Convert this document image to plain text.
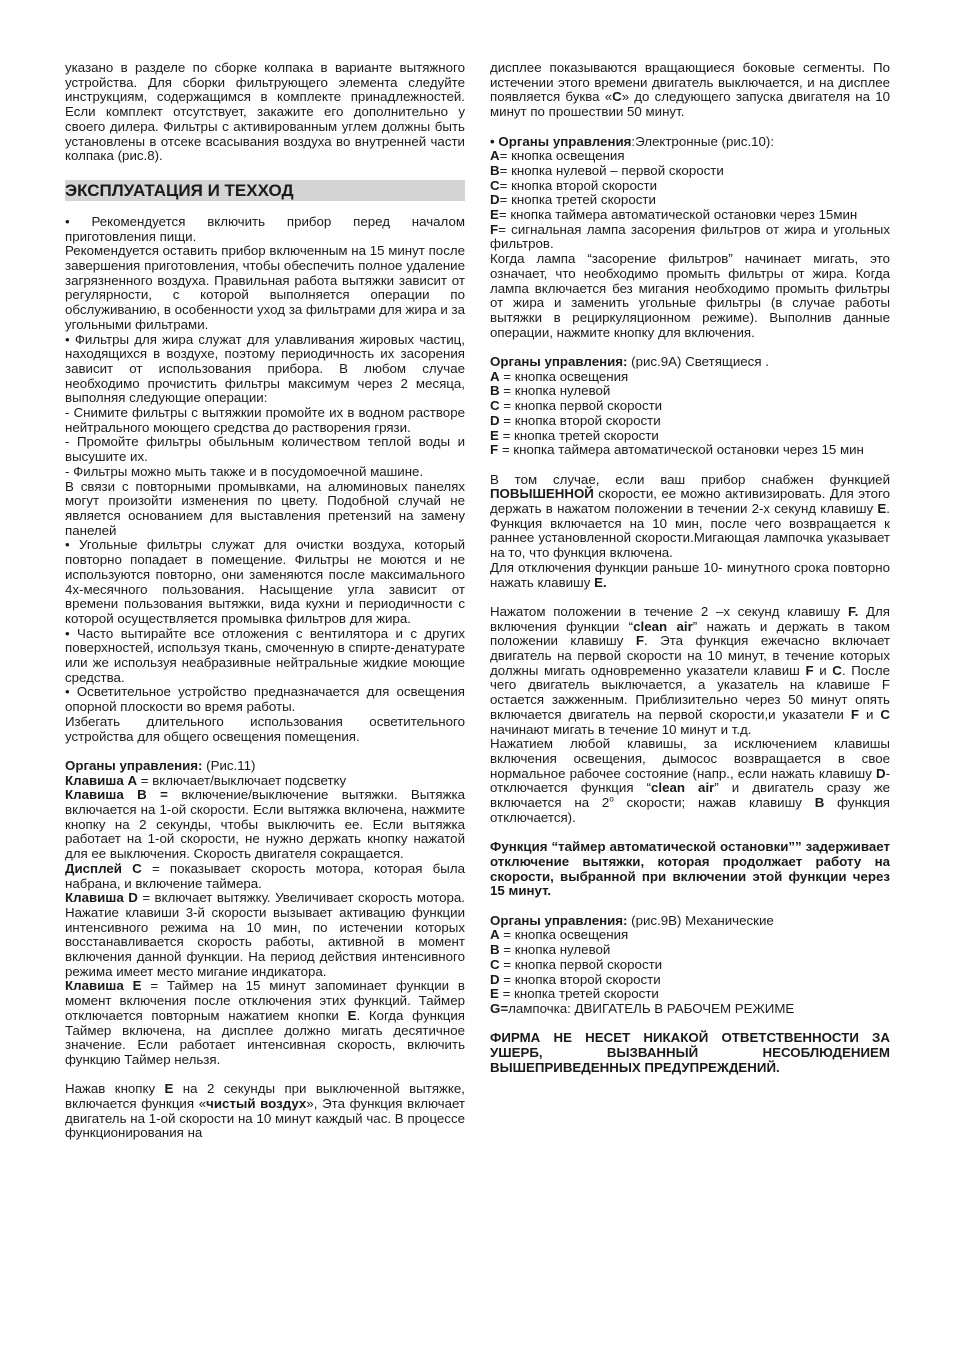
указано в разделе по сборке колпака в варианте вытяжного устройства. Для сборки фильтрующего элемента следуйте инструкциям, содержащимся в комплекте принадлежностей. Если комплект отсутствует, закажите его дополнительно у своего дилера. Фильтры с активированным углем должны быть установлены в отсеке всасывания воздуха во внутренней части колпака (рис.8).

ЭКСПЛУАТАЦИЯ И ТЕХХОД

• Рекомендуется включить прибор перед началом приготовления пищи.

Рекомендуется оставить прибор включенным на 15 минут после завершения приготовления, чтобы обеспечить полное удаление загрязненного воздуха. Правильная работа вытяжки зависит от регулярности, с которой выполняется операции по обслуживанию, в особенности уход за фильтрами для жира и за угольными фильтрами.

• Фильтры для жира служат для улавливания жировых частиц, находящихся в воздухе, поэтому периодичность их засорения зависит от использования прибора. В любом случае необходимо прочистить фильтры максимум через 2 месяца, выполняя следующие операции:

- Снимите фильтры с вытяжкии промойте их в водном растворе нейтрального моющего средства до растворения грязи.

- Промойте фильтры обыльным количеством теплой воды и высушите их.

- Фильтры можно мыть также и в посудомоечной машине.

В связи с повторными промывками, на алюминовых панелях могут произойти изменения по цвету. Подобной случай не является основанием для выставления претензий на замену панелей

• Угольные фильтры служат для очистки воздуха, который повторно попадает в помещение. Фильтры не моются и не используются повторно, они заменяются после максимального 4х-месячного пользования. Насыщение угла зависит от времени пользования вытяжки, вида кухни и периодичности с которой осуществляется промывка фильтров для жира.

• Часто вытирайте все отложения с вентилятора и с других поверхностей, используя ткань, смоченную в спирте-денатурате или же используя неабразивные нейтральные жидкие моющие средства.

• Осветительное устройство предназначается для освещения опорной плоскости во время работы.

Избегать длительного использования осветительного устройства для общего освещения помещения.

Органы управления: (Рис.11)

Клавиша A = включает/выключает подсветку

Клавиша B = включение/выключение вытяжки. Вытяжка включается на 1-ой скорости. Если вытяжка включена, нажмите кнопку на 2 секунды, чтобы выключить ее. Если вытяжка работает на 1-ой скорости, не нужно держать кнопку нажатой для ее выключения. Скорость двигателя сокращается.

Дисплей C = показывает скорость мотора, которая была набрана, и включение таймера.

Клавиша D = включает вытяжку. Увеличивает скорость мотора. Нажатие клавиши 3-й скорости вызывает активацию функции интенсивного режима на 10 мин, по истечении которых восстанавливается скорость работы, активной в момент включения данной функции. На период действия интенсивного режима имеет место мигание индикатора.

Клавиша E = Таймер на 15 минут запоминает функции в момент включения после отключения этих функций. Таймер отключается повторным нажатием кнопки E. Когда функция Таймер включена, на дисплее должно мигать десятичное значение. Если работает интенсивная скорость, включить функцию Таймер нельзя.

Нажав кнопку E на 2 секунды при выключенной вытяжке, включается функция «чистый воздух», Эта функция включает двигатель на 1-ой скорости на 10 минут каждый час. В процессе функционирования на

дисплее показываются вращающиеся боковые сегменты. По истечении этого времени двигатель выключается, и на дисплее появляется буква «C» до следующего запуска двигателя на 10 минут по прошествии 50 минут.

• Органы управления:Электронные (рис.10):

A= кнопка освещения
B= кнопка нулевой – первой скорости
C= кнопка второй скорости
D= кнопка третей скорости
E= кнопка таймера автоматической остановки через 15мин
F= сигнальная лампа засорения фильтров от жира и угольных фильтров.

Когда лампа “засорение фильтров” начинает мигать, это означает, что необходимо промыть фильтры от жира. Когда лампа включается без мигания необходимо промыть фильтры от жира и заменить угольные фильтры (в случае работы вытяжки в рециркуляционном режиме). Выполнив данные операции, нажмите кнопку для включения.

Органы управления: (рис.9A) Светящиеся .

A = кнопка освещения
B = кнопка нулевой
C = кнопка первой скорости
D = кнопка второй скорости
E = кнопка третей скорости
F = кнопка таймера автоматической остановки через 15 мин

В том случае, если ваш прибор снабжен функцией ПОВЫШЕННОЙ скорости, ее можно активизировать. Для этого держать в нажатом положении в течении 2-х секунд клавишу E. Функция включается на 10 мин, после чего возвращается к раннее установленной скорости.Мигающая лампочка указывает на то, что функция включена.

Для отключения функции раньше 10- минутного срока повторно нажать клавишу E.

Нажатом положении в течение 2 –х секунд клавишу F. Для включения функции “clean air” нажать и держать в таком положении клавишу F. Эта функция ежечасно включает двигатель на первой скорости на 10 минут, в течение которых должны мигать одновременно указатели клавиш F и C. После чего двигатель выключается, а указатель на клавише F остается зажженным. Приблизительно через 50 минут опять включается двигатель на первой скорости,и указатели F и C начинают мигать в течение 10 минут и т.д.

Нажатием любой клавишы, за исключением клавишы включения освещения, дымосос возвращается в свое нормальное рабочее состояние (напр., если нажать клавишу D- отключается функция “clean air” и двигатель сразу же включается на $2^о$ скорости; нажав клавишу B функция отключается).

Функция “таймер автоматической остановки”” задерживает отключение вытяжки, которая продолжает работу на скорости, выбранной при включении этой функции через 15 минут.

Органы управления: (рис.9B) Механические

A = кнопка освещения
B = кнопка нулевой
C = кнопка первой скорости
D = кнопка второй скорости
E = кнопка третей скорости
G=лампочка: ДВИГАТЕЛЬ В РАБОЧЕМ РЕЖИМЕ

ФИРМА НЕ НЕСЕТ НИКАКОЙ ОТВЕТСТВЕННОСТИ ЗА УШЕРБ, ВЫЗВАННЫЙ НЕСОБЛЮДЕНИЕМ ВЫШЕПРИВЕДЕННЫХ ПРЕДУПРЕЖДЕНИЙ.
